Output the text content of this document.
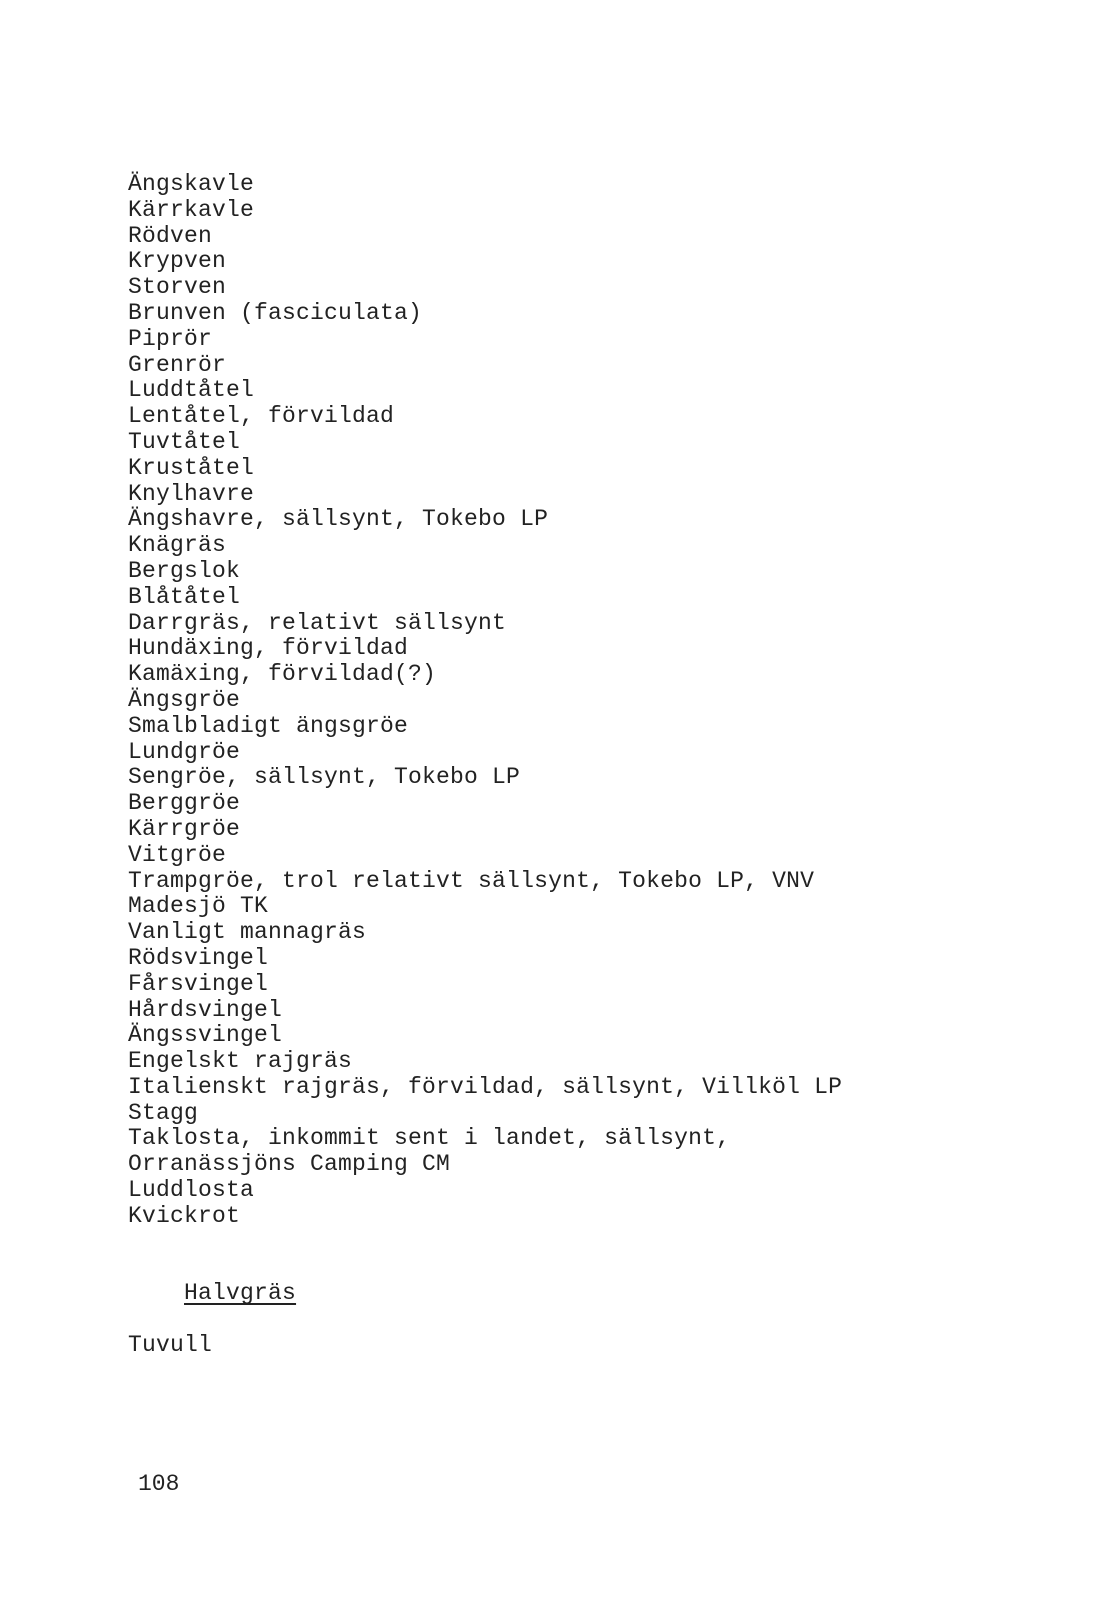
Ängskavle
Kärrkavle
Rödven
Krypven
Storven
Brunven (fasciculata)
Piprör
Grenrör
Luddtåtel
Lentåtel, förvildad
Tuvtåtel
Kruståtel
Knylhavre
Ängshavre, sällsynt, Tokebo LP
Knägräs
Bergslok
Blåtåtel
Darrgräs, relativt sällsynt
Hundäxing, förvildad
Kamäxing, förvildad(?)
Ängsgröe
Smalbladigt ängsgröe
Lundgröe
Sengröe, sällsynt, Tokebo LP
Berggröe
Kärrgröe
Vitgröe
Trampgröe, trol relativt sällsynt, Tokebo LP, VNV
Madesjö TK
Vanligt mannagräs
Rödsvingel
Fårsvingel
Hårdsvingel
Ängssvingel
Engelskt rajgräs
Italienskt rajgräs, förvildad, sällsynt, Villköl LP
Stagg
Taklosta, inkommit sent i landet, sällsynt,
Orranässjöns Camping CM
Luddlosta
Kvickrot

Halvgräs

Tuvull
108
